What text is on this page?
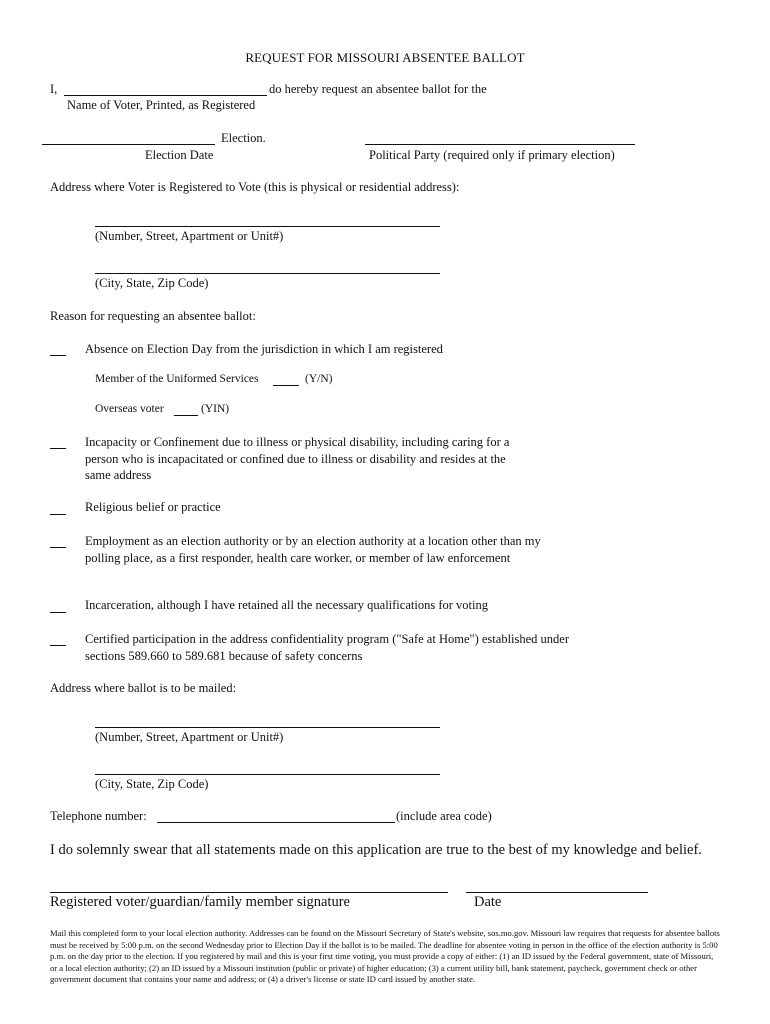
REQUEST FOR MISSOURI ABSENTEE BALLOT
I,	do hereby request an absentee ballot for the
Name of Voter, Printed, as Registered
Election.
Election Date	Political Party (required only if primary election)
Address where Voter is Registered to Vote (this is physical or residential address):
(Number, Street, Apartment or Unit#)
(City, State, Zip Code)
Reason for requesting an absentee ballot:
Absence on Election Day from the jurisdiction in which I am registered
Member of the Uniformed Services	(Y/N)
Overseas voter	(YIN)
Incapacity or Confinement due to illness or physical disability, including caring for a person who is incapacitated or confined due to illness or disability and resides at the same address
Religious belief or practice
Employment as an election authority or by an election authority at a location other than my polling place, as a first responder, health care worker, or member of law enforcement
Incarceration, although I have retained all the necessary qualifications for voting
Certified participation in the address confidentiality program ("Safe at Home") established under sections 589.660 to 589.681 because of safety concerns
Address where ballot is to be mailed:
(Number, Street, Apartment or Unit#)
(City, State, Zip Code)
Telephone number:	(include area code)
I do solemnly swear that all statements made on this application are true to the best of my knowledge and belief.
Registered voter/guardian/family member signature	Date
Mail this completed form to your local election authority. Addresses can be found on the Missouri Secretary of State's website, sos.mo.gov. Missouri law requires that requests for absentee ballots must be received by 5:00 p.m. on the second Wednesday prior to Election Day if the ballot is to be mailed. The deadline for absentee voting in person in the office of the election authority is 5:00 p.m. on the day prior to the election. If you registered by mail and this is your first time voting, you must provide a copy of either: (1) an ID issued by the Federal government, state of Missouri, or a local election authority; (2) an ID issued by a Missouri institution (public or private) of higher education; (3) a current utility bill, bank statement, paycheck, government check or other government document that contains your name and address; or (4) a driver's license or state ID card issued by another state.
